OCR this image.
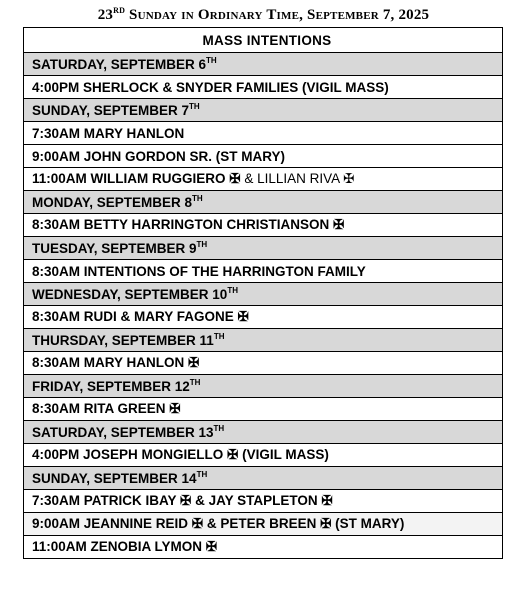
23RD Sunday in Ordinary Time, September 7, 2025
MASS INTENTIONS
SATURDAY, SEPTEMBER 6TH
4:00PM SHERLOCK & SNYDER FAMILIES (VIGIL MASS)
SUNDAY, SEPTEMBER 7TH
7:30AM MARY HANLON
9:00AM JOHN GORDON SR. (ST MARY)
11:00AM WILLIAM RUGGIERO ✠ & LILLIAN RIVA ✠
MONDAY, SEPTEMBER 8TH
8:30AM BETTY HARRINGTON CHRISTIANSON ✠
TUESDAY, SEPTEMBER 9TH
8:30AM INTENTIONS OF THE HARRINGTON FAMILY
WEDNESDAY, SEPTEMBER 10TH
8:30AM RUDI & MARY FAGONE ✠
THURSDAY, SEPTEMBER 11TH
8:30AM MARY HANLON ✠
FRIDAY, SEPTEMBER 12TH
8:30AM RITA GREEN ✠
SATURDAY, SEPTEMBER 13TH
4:00PM JOSEPH MONGIELLO ✠ (VIGIL MASS)
SUNDAY, SEPTEMBER 14TH
7:30AM PATRICK IBAY ✠ & JAY STAPLETON ✠
9:00AM JEANNINE REID ✠ & PETER BREEN ✠ (ST MARY)
11:00AM ZENOBIA LYMON ✠
